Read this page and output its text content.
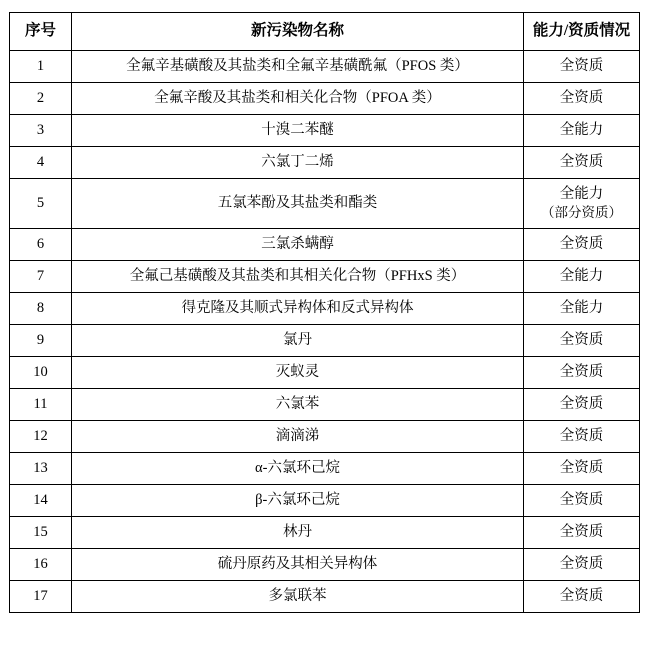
序号	新污染物名称	能力/资质情况
1	全氟辛基磺酸及其盐类和全氟辛基磺酰氟（PFOS 类）	全资质
2	全氟辛酸及其盐类和相关化合物（PFOA 类）	全资质
3	十溴二苯醚	全能力
4	六氯丁二烯	全资质
5	五氯苯酚及其盐类和酯类	全能力
（部分资质）

6	三氯杀螨醇	全资质
7	全氟己基磺酸及其盐类和其相关化合物（PFHxS 类）	全能力
8	得克隆及其顺式异构体和反式异构体	全能力
9	氯丹	全资质
10	灭蚁灵	全资质
11	六氯苯	全资质
12	滴滴涕	全资质
13	α-六氯环己烷	全资质
14	β-六氯环己烷	全资质
15	林丹	全资质
16	硫丹原药及其相关异构体	全资质
17	多氯联苯	全资质
